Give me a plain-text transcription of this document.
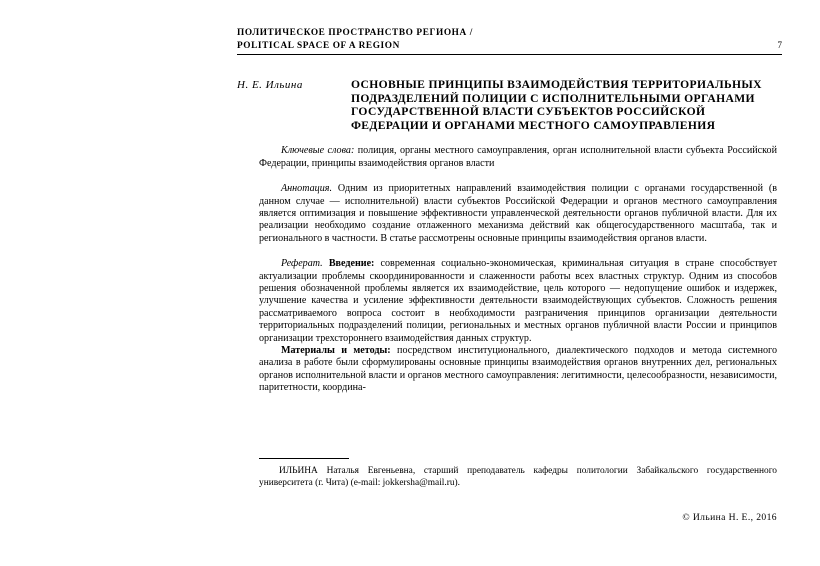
ПОЛИТИЧЕСКОЕ ПРОСТРАНСТВО РЕГИОНА /
POLITICAL SPACE OF A REGION	7
Н. Е. Ильина	ОСНОВНЫЕ ПРИНЦИПЫ ВЗАИМОДЕЙСТВИЯ ТЕРРИТОРИАЛЬНЫХ ПОДРАЗДЕЛЕНИЙ ПОЛИЦИИ С ИСПОЛНИТЕЛЬНЫМИ ОРГАНАМИ ГОСУДАРСТВЕННОЙ ВЛАСТИ СУБЪЕКТОВ РОССИЙСКОЙ ФЕДЕРАЦИИ И ОРГАНАМИ МЕСТНОГО САМОУПРАВЛЕНИЯ

Ключевые слова: полиция, органы местного самоуправления, орган исполнительной власти субъекта Российской Федерации, принципы взаимодействия органов власти

Аннотация. Одним из приоритетных направлений взаимодействия полиции с органами государственной (в данном случае — исполнительной) власти субъектов Российской Федерации и органов местного самоуправления является оптимизация и повышение эффективности управленческой деятельности органов публичной власти. Для их реализации необходимо создание отлаженного механизма действий как общегосударственного масштаба, так и регионального в частности. В статье рассмотрены основные принципы взаимодействия органов власти.

Реферат. Введение: современная социально-экономическая, криминальная ситуация в стране способствует актуализации проблемы скоординированности и слаженности работы всех властных структур. Одним из способов решения обозначенной проблемы является их взаимодействие, цель которого — недопущение ошибок и издержек, улучшение качества и усиление эффективности деятельности взаимодействующих субъектов. Сложность решения рассматриваемого вопроса состоит в необходимости разграничения принципов организации деятельности территориальных подразделений полиции, региональных и местных органов публичной власти России и принципов организации трехстороннего взаимодействия данных структур.

Материалы и методы: посредством институционального, диалектического подходов и метода системного анализа в работе были сформулированы основные принципы взаимодействия органов внутренних дел, региональных органов исполнительной власти и органов местного самоуправления: легитимности, целесообразности, независимости, паритетности, координа-

ИЛЬИНА Наталья Евгеньевна, старший преподаватель кафедры политологии Забайкальского государственного университета (г. Чита) (e-mail: jokkersha@mail.ru).
© Ильина Н. Е., 2016
